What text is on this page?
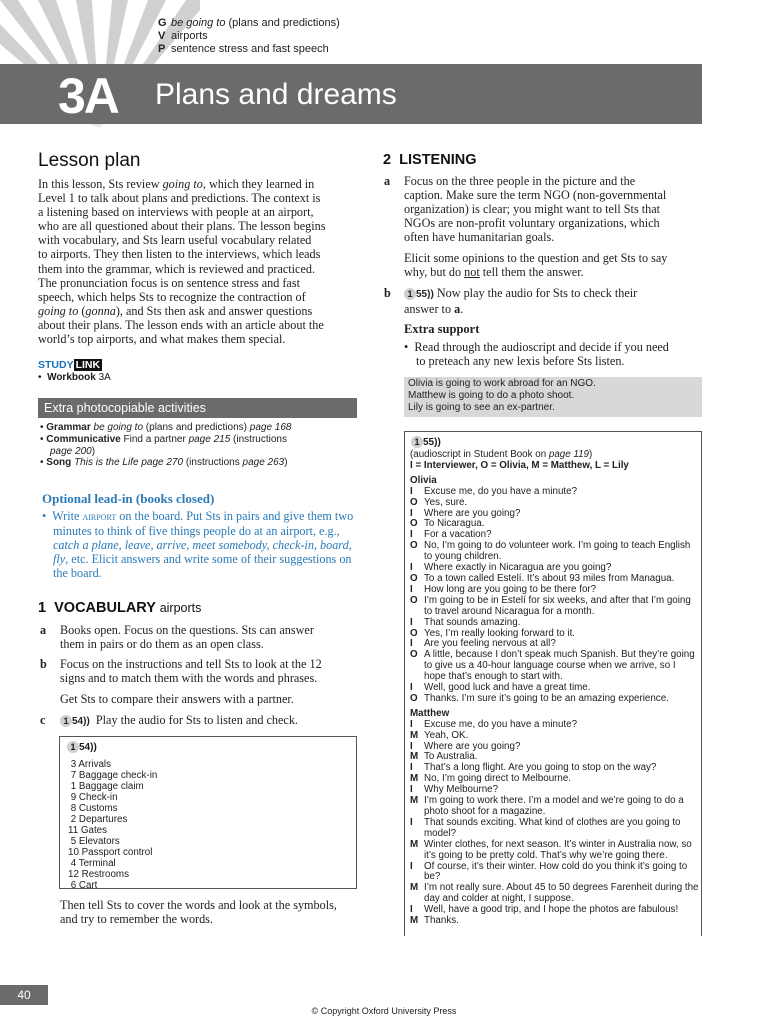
G be going to (plans and predictions)
V airports
P sentence stress and fast speech
3A Plans and dreams
Lesson plan
In this lesson, Sts review going to, which they learned in
Level 1 to talk about plans and predictions. The context is
a listening based on interviews with people at an airport,
who are all questioned about their plans. The lesson begins
with vocabulary, and Sts learn useful vocabulary related
to airports. They then listen to the interviews, which leads
them into the grammar, which is reviewed and practiced.
The pronunciation focus is on sentence stress and fast
speech, which helps Sts to recognize the contraction of
going to (gonna), and Sts then ask and answer questions
about their plans. The lesson ends with an article about the
world’s top airports, and what makes them special.
STUDY LINK
•  Workbook 3A
Extra photocopiable activities
• Grammar be going to (plans and predictions) page 168
• Communicative Find a partner page 215 (instructions
page 200)
• Song This is the Life page 270 (instructions page 263)
Optional lead-in (books closed)
•  Write airport on the board. Put Sts in pairs and give them two minutes to think of five things people do at an airport, e.g., catch a plane, leave, arrive, meet somebody, check-in, board, fly, etc. Elicit answers and write some of their suggestions on the board.
1 VOCABULARY airports
a Books open. Focus on the questions. Sts can answer
them in pairs or do them as an open class.
b Focus on the instructions and tell Sts to look at the 12
signs and to match them with the words and phrases.
Get Sts to compare their answers with a partner.
c 1 54)) Play the audio for Sts to listen and check.
1 54))
3 Arrivals
7 Baggage check-in
1 Baggage claim
9 Check-in
8 Customs
2 Departures
11 Gates
5 Elevators
10 Passport control
4 Terminal
12 Restrooms
6 Cart
Then tell Sts to cover the words and look at the symbols,
and try to remember the words.
2 LISTENING
a Focus on the three people in the picture and the
caption. Make sure the term NGO (non-governmental
organization) is clear; you might want to tell Sts that
NGOs are non-profit voluntary organizations, which
often have humanitarian goals.
Elicit some opinions to the question and get Sts to say
why, but do not tell them the answer.
b	1 55)) Now play the audio for Sts to check their
answer to a.
Extra support
•  Read through the audioscript and decide if you need
to preteach any new lexis before Sts listen.
Olivia is going to work abroad for an NGO.
Matthew is going to do a photo shoot.
Lily is going to see an ex-partner.
1 55))
(audioscript in Student Book on page 119)
I = Interviewer, O = Olivia, M = Matthew, L = Lily
Olivia
I Excuse me, do you have a minute?
O Yes, sure.
I Where are you going?
O To Nicaragua.
I For a vacation?
O No, I’m going to do volunteer work. I’m going to teach English to young children.
I Where exactly in Nicaragua are you going?
O To a town called Estelí. It’s about 93 miles from Managua.
I How long are you going to be there for?
O I’m going to be in Estelí for six weeks, and after that I’m going to travel around Nicaragua for a month.
I That sounds amazing.
O Yes, I’m really looking forward to it.
I Are you feeling nervous at all?
O A little, because I don’t speak much Spanish. But they’re going to give us a 40-hour language course when we arrive, so I hope that’s enough to start with.
I Well, good luck and have a great time.
O Thanks. I’m sure it’s going to be an amazing experience.
Matthew
I Excuse me, do you have a minute?
M Yeah, OK.
I Where are you going?
M To Australia.
I That’s a long flight. Are you going to stop on the way?
M No, I’m going direct to Melbourne.
I Why Melbourne?
M I’m going to work there. I’m a model and we’re going to do a photo shoot for a magazine.
I That sounds exciting. What kind of clothes are you going to model?
M Winter clothes, for next season. It’s winter in Australia now, so it’s going to be pretty cold. That’s why we’re going there.
I Of course, it’s their winter. How cold do you think it’s going to be?
M I’m not really sure. About 45 to 50 degrees Farenheit during the day and colder at night, I suppose.
I Well, have a good trip, and I hope the photos are fabulous!
M Thanks.
40
© Copyright Oxford University Press
